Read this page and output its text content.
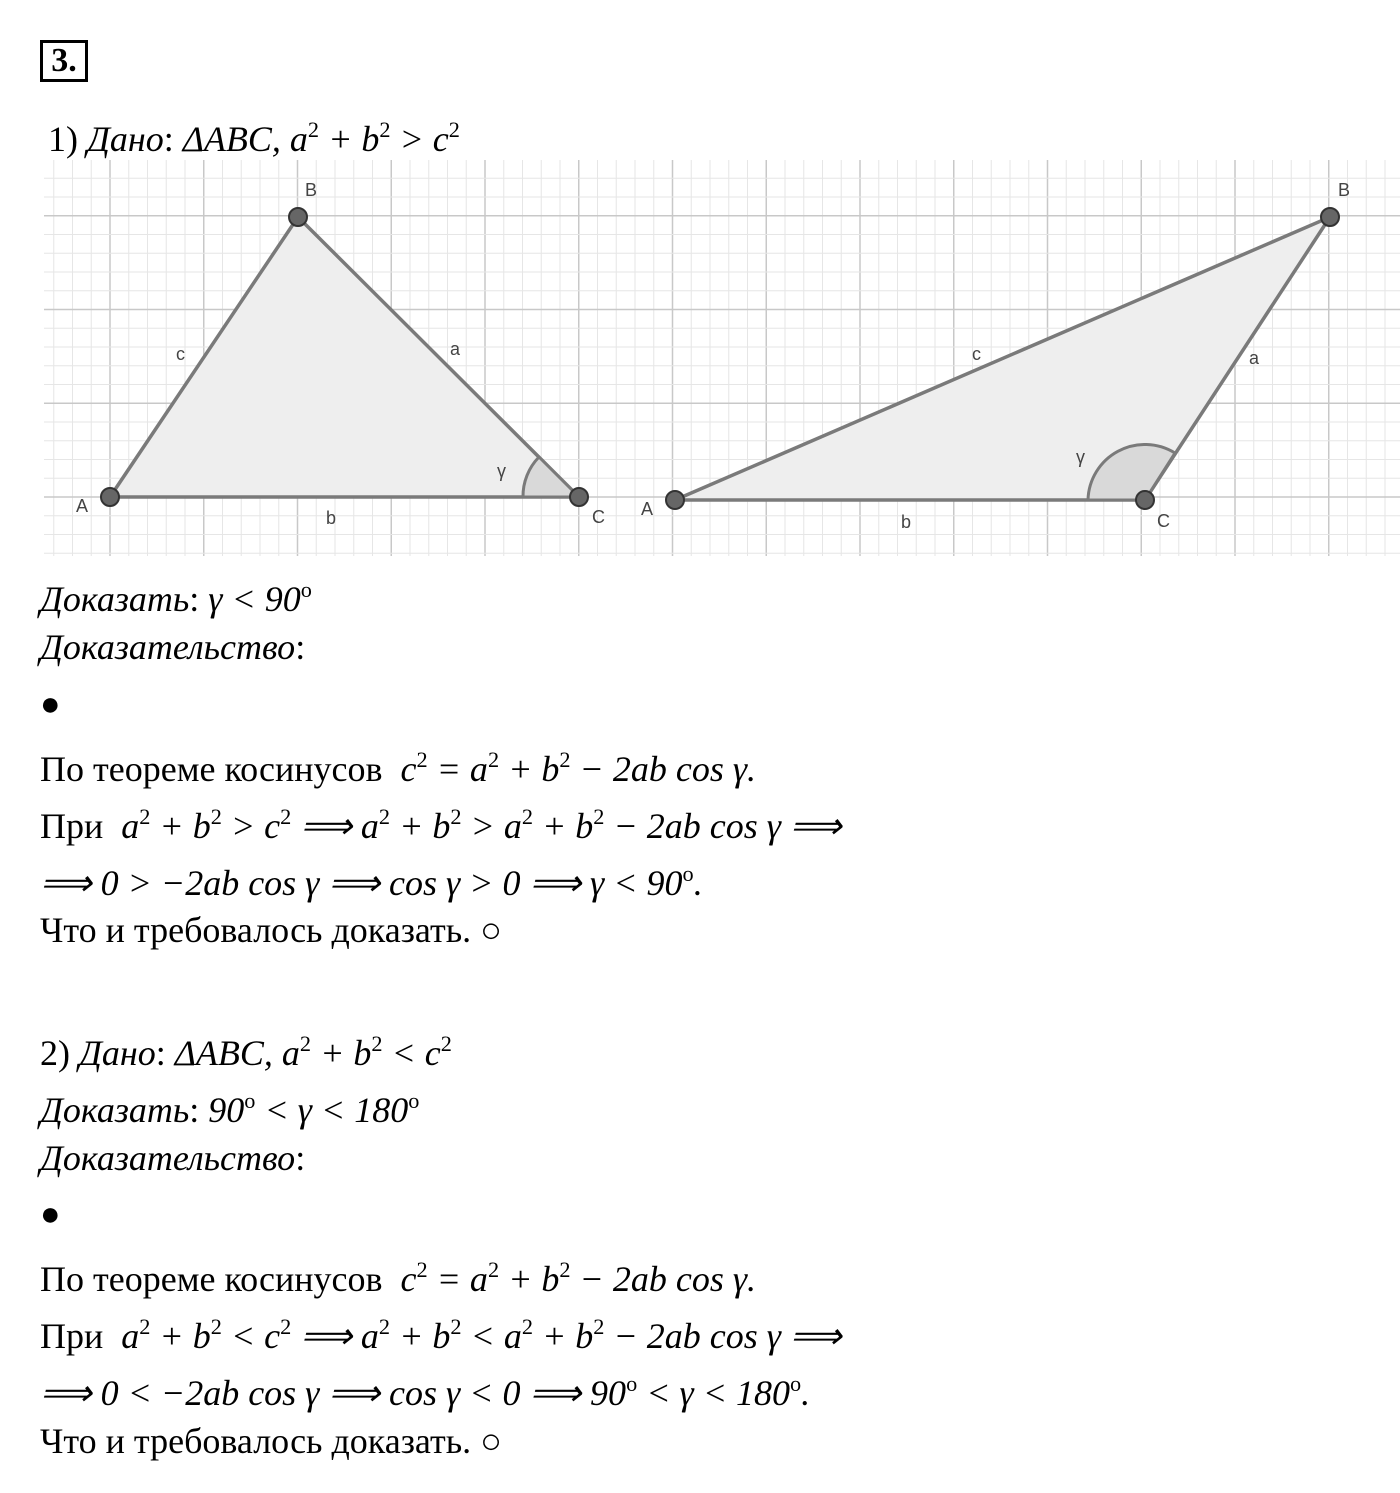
3.
1) Дано: ΔABC, $a^2 + b^2 > c^2$
A
B
C
c	a
b
γ
A
B
C
c	a
b
γ
Доказать: $\gamma < 90^o$
Доказательство:
●
По теореме косинусов $c^2 = a^2 + b^2 - 2ab$ cos γ.
При $a^2 + b^2 > c^2$ ⟹ $a^2 + b^2 > a^2 + b^2 - 2ab$ cos γ ⟹
⟹ 0 > −2ab cos γ ⟹ cos γ > 0 ⟹ $\gamma < 90^o$.
Что и требовалось доказать. ○
2) Дано: ΔABC, $a^2 + b^2 < c^2$
Доказать: $90^o < \gamma < 180^o$
Доказательство:
●
По теореме косинусов $c^2 = a^2 + b^2 - 2ab$ cos γ.
При $a^2 + b^2 < c^2$ ⟹ $a^2 + b^2 < a^2 + b^2 - 2ab$ cos γ ⟹
⟹ 0 < −2ab cos γ ⟹ cos γ < 0 ⟹ $90^o < \gamma < 180^o$.
Что и требовалось доказать. ○
